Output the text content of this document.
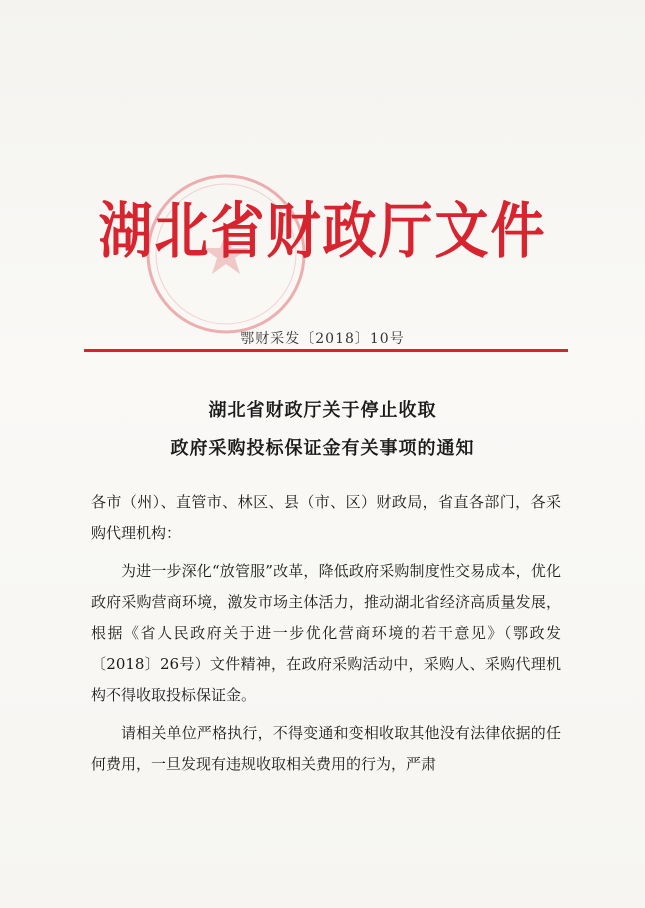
湖北省财政厅文件
鄂财采发〔2018〕10号
湖北省财政厅关于停止收取
政府采购投标保证金有关事项的通知

各市（州）、直管市、林区、县（市、区）财政局，省直各部门，各采购代理机构：

为进一步深化“放管服”改革，降低政府采购制度性交易成本，优化政府采购营商环境，激发市场主体活力，推动湖北省经济高质量发展，根据《省人民政府关于进一步优化营商环境的若干意见》（鄂政发〔2018〕26号）文件精神，在政府采购活动中，采购人、采购代理机构不得收取投标保证金。

请相关单位严格执行，不得变通和变相收取其他没有法律依据的任何费用，一旦发现有违规收取相关费用的行为，严肃
